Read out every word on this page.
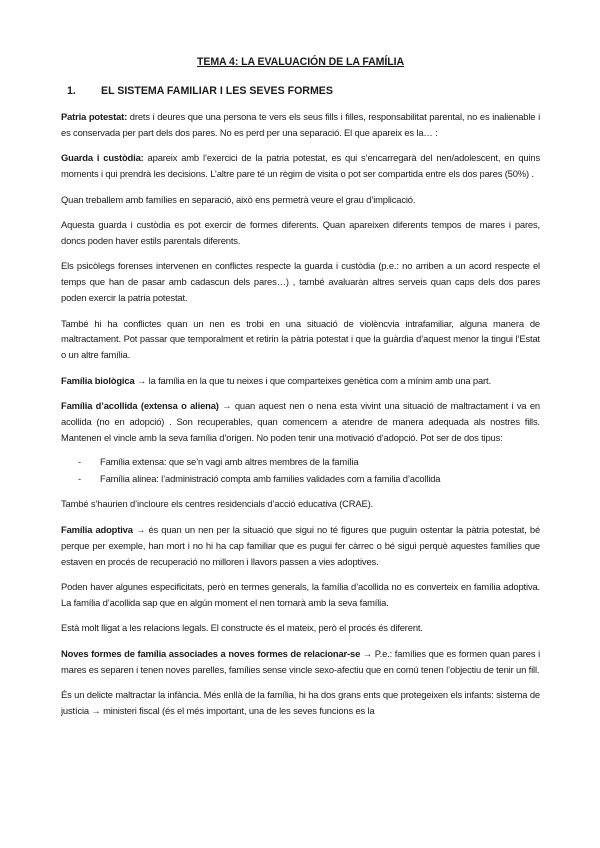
TEMA 4: LA EVALUACIÓN DE LA FAMÍLIA
1.	EL SISTEMA FAMILIAR I LES SEVES FORMES

Patria potestat: drets i deures que una persona te vers els seus fills i filles, responsabilitat parental, no es inalienable i es conservada per part dels dos pares. No es perd per una separació. El que apareix es la… :

Guarda i custòdia: apareix amb l’exercici de la patria potestat, es qui s’encarregarà del nen/adolescent, en quins moments i qui prendrà les decisions. L’altre pare té un règim de visita o pot ser compartida entre els dos pares (50%) .

Quan treballem amb famílies en separació, això ens permetrà veure el grau d’implicació.

Aquesta guarda i custòdia es pot exercir de formes diferents. Quan apareixen diferents tempos de mares i pares, doncs poden haver estils parentals diferents.

Els psicòlegs forenses intervenen en conflictes respecte la guarda i custòdia (p.e.: no arriben a un acord respecte el temps que han de pasar amb cadascun dels pares…) , també avaluaràn altres serveis quan caps dels dos pares poden exercir la patria potestat.

També hi ha conflictes quan un nen es trobi en una situació de violèncvia intrafamiliar, alguna manera de maltractament. Pot passar que temporalment et retirin la pàtria potestat i que la guàrdia d’aquest menor la tingui l’Estat o un altre família.

Família biològica → la família en la que tu neixes i que comparteixes genètica com a mínim amb una part.

Família d’acollida (extensa o aliena) → quan aquest nen o nena esta vivint una situació de maltractament i va en acollida (no en adopció) . Son recuperables, quan comencem a atendre de manera adequada als nostres fills. Mantenen el vincle amb la seva família d’origen. No poden tenir una motivació d’adopció. Pot ser de dos tipus:

-	Família extensa: que se’n vagi amb altres membres de la família
-	Família alinea: l’administració compta amb families validades com a familia d’acollida

També s’haurien d’incloure els centres residencials d’acció educativa (CRAE).

Família adoptiva → és quan un nen per la situació que sigui no té figures que puguin ostentar la pàtria potestat, bé perque per exemple, han mort i no hi ha cap familiar que es pugui fer càrrec o bé sigui perquè aquestes famílies que estaven en procés de recuperació no milloren i llavors passen a vies adoptives.

Poden haver algunes especificitats, però en termes generals, la família d’acollida no es converteix en família adoptiva. La família d’acollida sap que en algún moment el nen tornarà amb la seva família.

Està molt lligat a les relacions legals. El constructe és el mateix, però el procés és diferent.

Noves formes de família associades a noves formes de relacionar-se → P.e.: famílies que es formen quan pares i mares es separen i tenen noves parelles, famílies sense vincle sexo-afectiu que en comú tenen l’objectiu de tenir un fill.

És un delicte maltractar la infància. Més enllà de la família, hi ha dos grans ents que protegeixen els infants: sistema de justícia → ministeri fiscal (és el més important, una de les seves funcions es la
